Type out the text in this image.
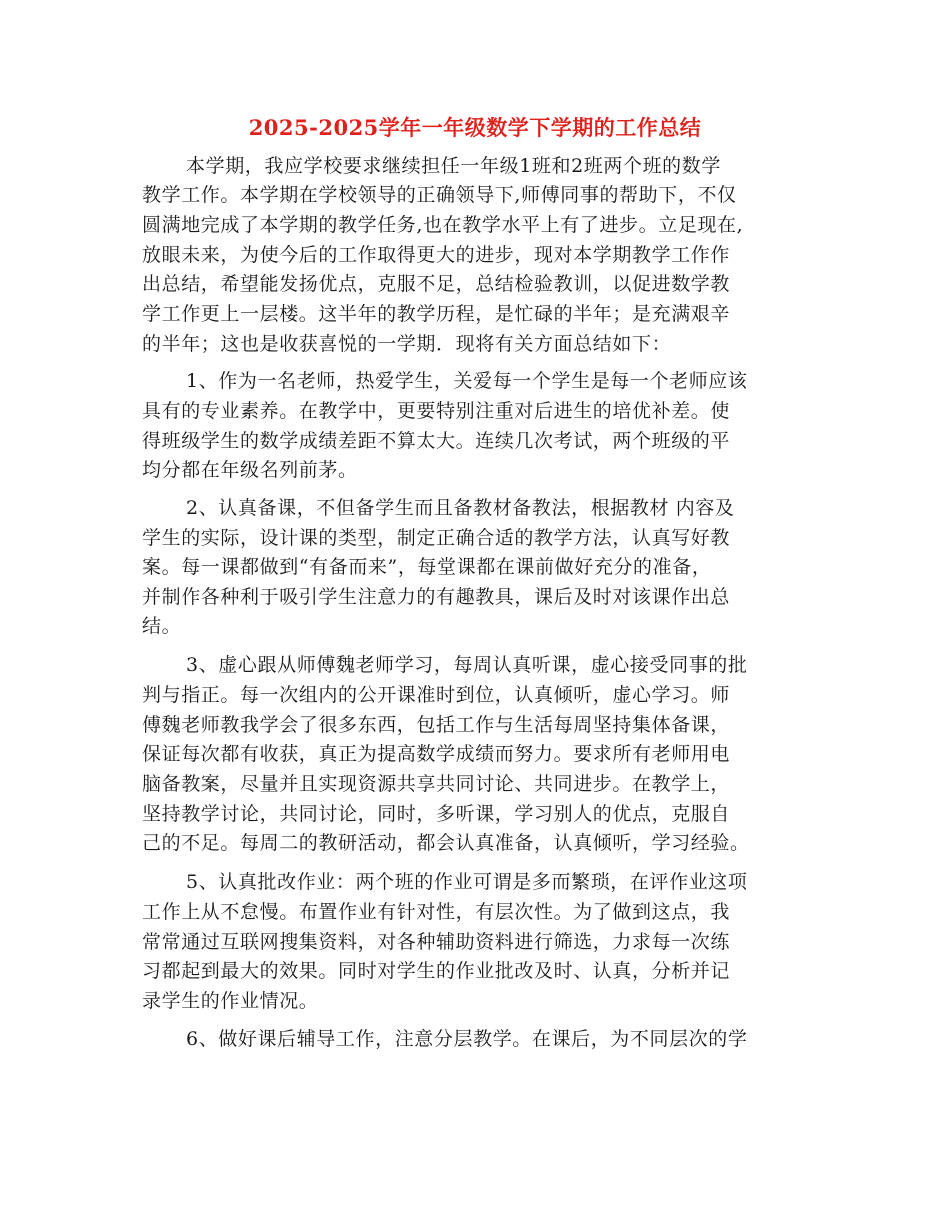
2025-2025学年一年级数学下学期的工作总结
本学期，我应学校要求继续担任一年级1班和2班两个班的数学
教学工作。本学期在学校领导的正确领导下,师傅同事的帮助下，不仅
圆满地完成了本学期的教学任务,也在教学水平上有了进步。立足现在,
放眼未来，为使今后的工作取得更大的进步，现对本学期教学工作作
出总结，希望能发扬优点，克服不足，总结检验教训，以促进数学教
学工作更上一层楼。这半年的教学历程，是忙碌的半年；是充满艰辛
的半年；这也是收获喜悦的一学期．现将有关方面总结如下：
1、作为一名老师，热爱学生，关爱每一个学生是每一个老师应该
具有的专业素养。在教学中，更要特别注重对后进生的培优补差。使
得班级学生的数学成绩差距不算太大。连续几次考试，两个班级的平
均分都在年级名列前茅。
2、认真备课，不但备学生而且备教材备教法，根据教材 内容及
学生的实际，设计课的类型，制定正确合适的教学方法，认真写好教
案。每一课都做到“有备而来”，每堂课都在课前做好充分的准备，
并制作各种利于吸引学生注意力的有趣教具，课后及时对该课作出总
结。
3、虚心跟从师傅魏老师学习，每周认真听课，虚心接受同事的批
判与指正。每一次组内的公开课准时到位，认真倾听，虚心学习。师
傅魏老师教我学会了很多东西，包括工作与生活每周坚持集体备课，
保证每次都有收获，真正为提高数学成绩而努力。要求所有老师用电
脑备教案，尽量并且实现资源共享共同讨论、共同进步。在教学上，
坚持教学讨论，共同讨论，同时，多听课，学习别人的优点，克服自
己的不足。每周二的教研活动，都会认真准备，认真倾听，学习经验。
5、认真批改作业：两个班的作业可谓是多而繁琐，在评作业这项
工作上从不怠慢。布置作业有针对性，有层次性。为了做到这点，我
常常通过互联网搜集资料，对各种辅助资料进行筛选，力求每一次练
习都起到最大的效果。同时对学生的作业批改及时、认真，分析并记
录学生的作业情况。
6、做好课后辅导工作，注意分层教学。在课后，为不同层次的学
